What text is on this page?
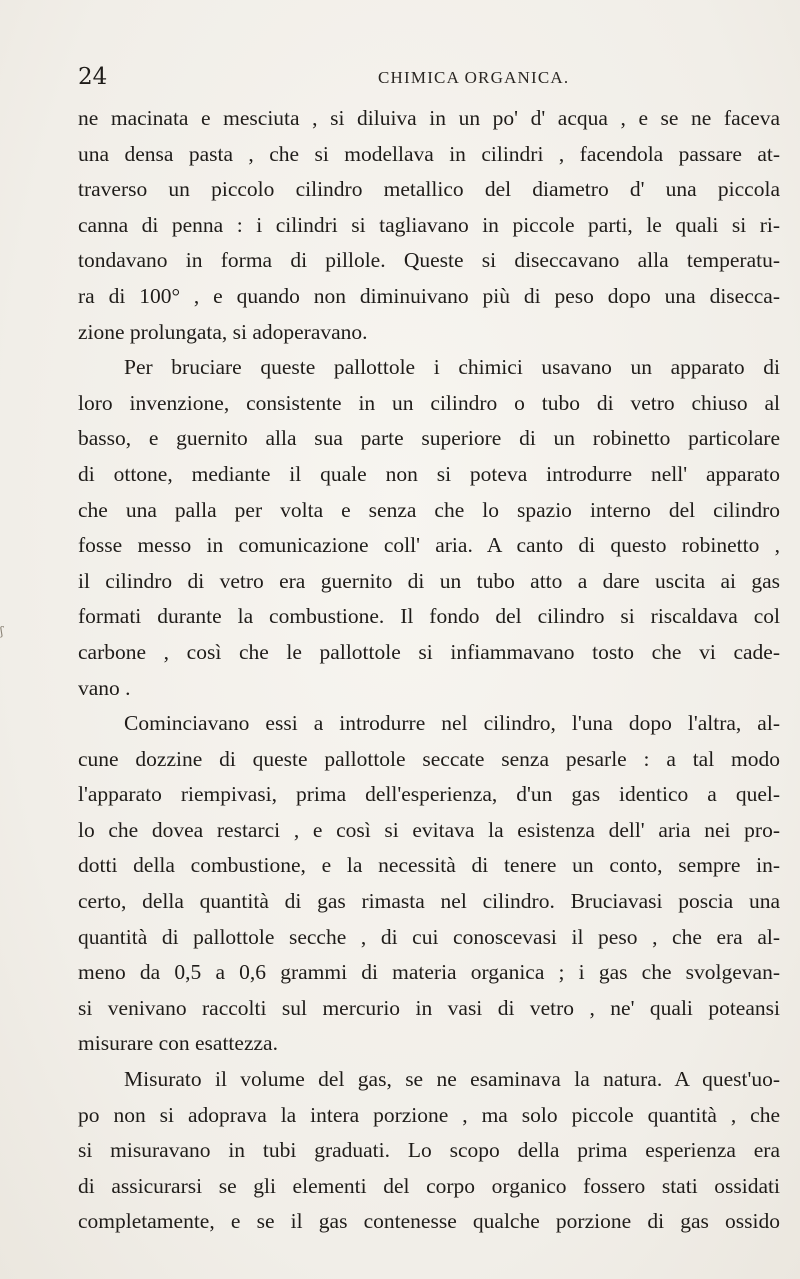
24	CHIMICA ORGANICA.
ʃ
ne macinata e mesciuta , si diluiva in un po' d' acqua , e se ne faceva
una densa pasta , che si modellava in cilindri , facendola passare at-
traverso un piccolo cilindro metallico del diametro d' una piccola
canna di penna : i cilindri si tagliavano in piccole parti, le quali si ri-
tondavano in forma di pillole. Queste si diseccavano alla temperatu-
ra di 100° , e quando non diminuivano più di peso dopo una disecca-
zione prolungata, si adoperavano.
Per bruciare queste pallottole i chimici usavano un apparato di
loro invenzione, consistente in un cilindro o tubo di vetro chiuso al
basso, e guernito alla sua parte superiore di un robinetto particolare
di ottone, mediante il quale non si poteva introdurre nell' apparato
che una palla per volta e senza che lo spazio interno del cilindro
fosse messo in comunicazione coll' aria. A canto di questo robinetto ,
il cilindro di vetro era guernito di un tubo atto a dare uscita ai gas
formati durante la combustione. Il fondo del cilindro si riscaldava col
carbone , così che le pallottole si infiammavano tosto che vi cade-
vano .
Cominciavano essi a introdurre nel cilindro, l'una dopo l'altra, al-
cune dozzine di queste pallottole seccate senza pesarle : a tal modo
l'apparato riempivasi, prima dell'esperienza, d'un gas identico a quel-
lo che dovea restarci , e così si evitava la esistenza dell' aria nei pro-
dotti della combustione, e la necessità di tenere un conto, sempre in-
certo, della quantità di gas rimasta nel cilindro. Bruciavasi poscia una
quantità di pallottole secche , di cui conoscevasi il peso , che era al-
meno da 0,5 a 0,6 grammi di materia organica ; i gas che svolgevan-
si venivano raccolti sul mercurio in vasi di vetro , ne' quali poteansi
misurare con esattezza.
Misurato il volume del gas, se ne esaminava la natura. A quest'uo-
po non si adoprava la intera porzione , ma solo piccole quantità , che
si misuravano in tubi graduati. Lo scopo della prima esperienza era
di assicurarsi se gli elementi del corpo organico fossero stati ossidati
completamente, e se il gas contenesse qualche porzione di gas ossido
